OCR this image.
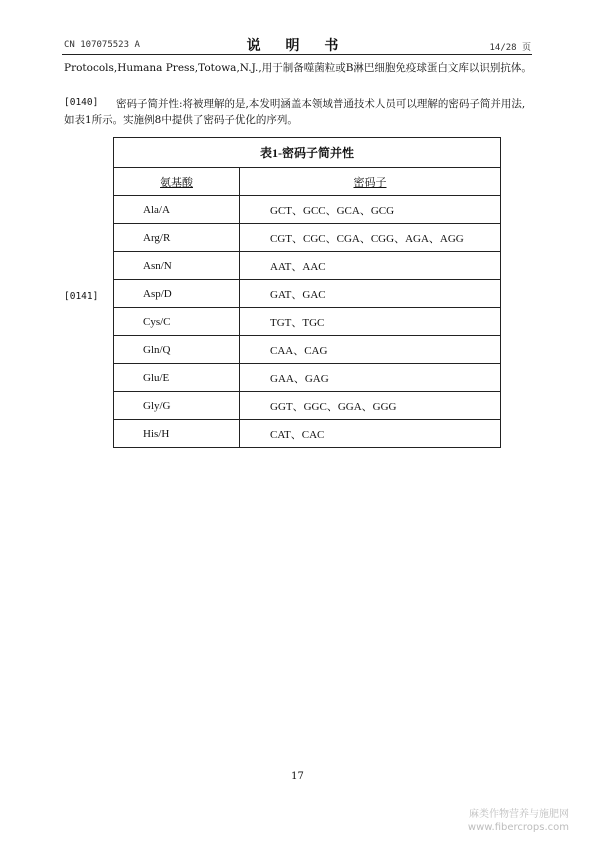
CN 107075523 A	说 明 书	14/28 页
Protocols,Humana Press,Totowa,N.J.,用于制备噬菌粒或B淋巴细胞免疫球蛋白文库以识别抗体。
[0140]	密码子简并性:将被理解的是,本发明涵盖本领域普通技术人员可以理解的密码子简并用法,如表1所示。实施例8中提供了密码子优化的序列。
[0141]
表1-密码子简并性	
氨基酸	密码子
Ala/A	GCT、GCC、GCA、GCG
Arg/R	CGT、CGC、CGA、CGG、AGA、AGG
Asn/N	AAT、AAC
Asp/D	GAT、GAC
Cys/C	TGT、TGC
Gln/Q	CAA、CAG
Glu/E	GAA、GAG
Gly/G	GGT、GGC、GGA、GGG
His/H	CAT、CAC
17
麻类作物营养与施肥网
www.fibercrops.com
